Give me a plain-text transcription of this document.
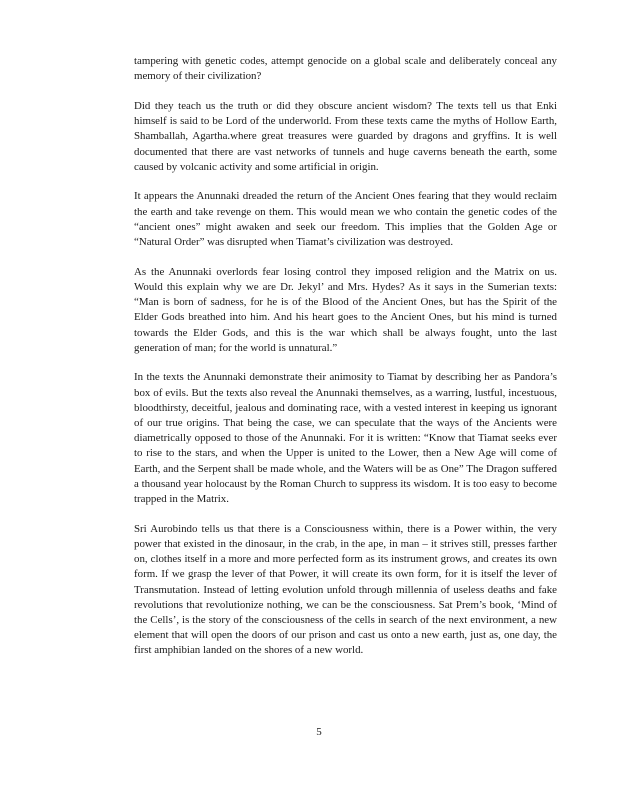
tampering with genetic codes, attempt genocide on a global scale and deliberately conceal any memory of their civilization?

Did they teach us the truth or did they obscure ancient wisdom? The texts tell us that Enki himself is said to be Lord of the underworld. From these texts came the myths of Hollow Earth, Shamballah, Agartha.where great treasures were guarded by dragons and gryffins. It is well documented that there are vast networks of tunnels and huge caverns beneath the earth, some caused by volcanic activity and some artificial in origin.

It appears the Anunnaki dreaded the return of the Ancient Ones fearing that they would reclaim the earth and take revenge on them. This would mean we who contain the genetic codes of the “ancient ones” might awaken and seek our freedom. This implies that the Golden Age or “Natural Order” was disrupted when Tiamat’s civilization was destroyed.

As the Anunnaki overlords fear losing control they imposed religion and the Matrix on us. Would this explain why we are Dr. Jekyl’ and Mrs. Hydes? As it says in the Sumerian texts: “Man is born of sadness, for he is of the Blood of the Ancient Ones, but has the Spirit of the Elder Gods breathed into him. And his heart goes to the Ancient Ones, but his mind is turned towards the Elder Gods, and this is the war which shall be always fought, unto the last generation of man; for the world is unnatural.”

In the texts the Anunnaki demonstrate their animosity to Tiamat by describing her as Pandora’s box of evils. But the texts also reveal the Anunnaki themselves, as a warring, lustful, incestuous, bloodthirsty, deceitful, jealous and dominating race, with a vested interest in keeping us ignorant of our true origins. That being the case, we can speculate that the ways of the Ancients were diametrically opposed to those of the Anunnaki. For it is written: “Know that Tiamat seeks ever to rise to the stars, and when the Upper is united to the Lower, then a New Age will come of Earth, and the Serpent shall be made whole, and the Waters will be as One” The Dragon suffered a thousand year holocaust by the Roman Church to suppress its wisdom. It is too easy to become trapped in the Matrix.

Sri Aurobindo tells us that there is a Consciousness within, there is a Power within, the very power that existed in the dinosaur, in the crab, in the ape, in man – it strives still, presses farther on, clothes itself in a more and more perfected form as its instrument grows, and creates its own form. If we grasp the lever of that Power, it will create its own form, for it is itself the lever of Transmutation. Instead of letting evolution unfold through millennia of useless deaths and fake revolutions that revolutionize nothing, we can be the consciousness. Sat Prem’s book, ‘Mind of the Cells’, is the story of the consciousness of the cells in search of the next environment, a new element that will open the doors of our prison and cast us onto a new earth, just as, one day, the first amphibian landed on the shores of a new world.

5
